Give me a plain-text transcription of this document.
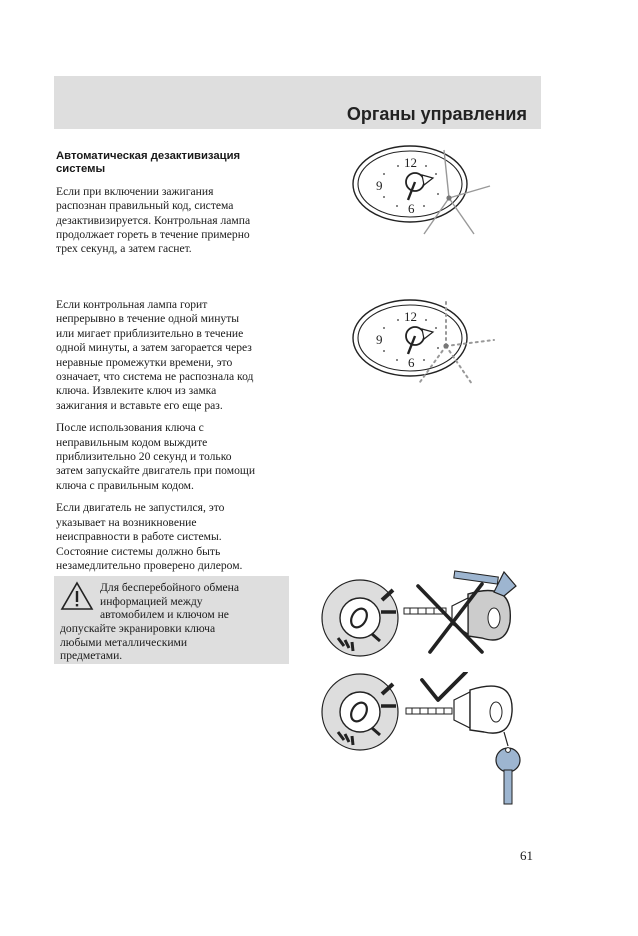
Органы управления
Автоматическая дезактивизация
системы

Если при включении зажигания
распознан правильный код, система
дезактивизируется. Контрольная лампа
продолжает гореть в течение примерно
трех секунд, а затем гаснет.

Если контрольная лампа горит
непрерывно в течение одной минуты
или мигает приблизительно в течение
одной минуты, а затем загорается через
неравные промежутки времени, это
означает, что система не распознала код
ключа. Извлеките ключ из замка
зажигания и вставьте его еще раз.

После использования ключа с
неправильным кодом выждите
приблизительно 20 секунд и только
затем запускайте двигатель при помощи
ключа с правильным кодом.

Если двигатель не запустился, это
указывает на возникновение
неисправности в работе системы.
Состояние системы должно быть
незамедлительно проверено дилером.

Для бесперебойного обмена
информацией между
автомобилем и ключом не
допускайте экранировки ключа
любыми металлическими
предметами.
12
9
6
12
9
6
61
